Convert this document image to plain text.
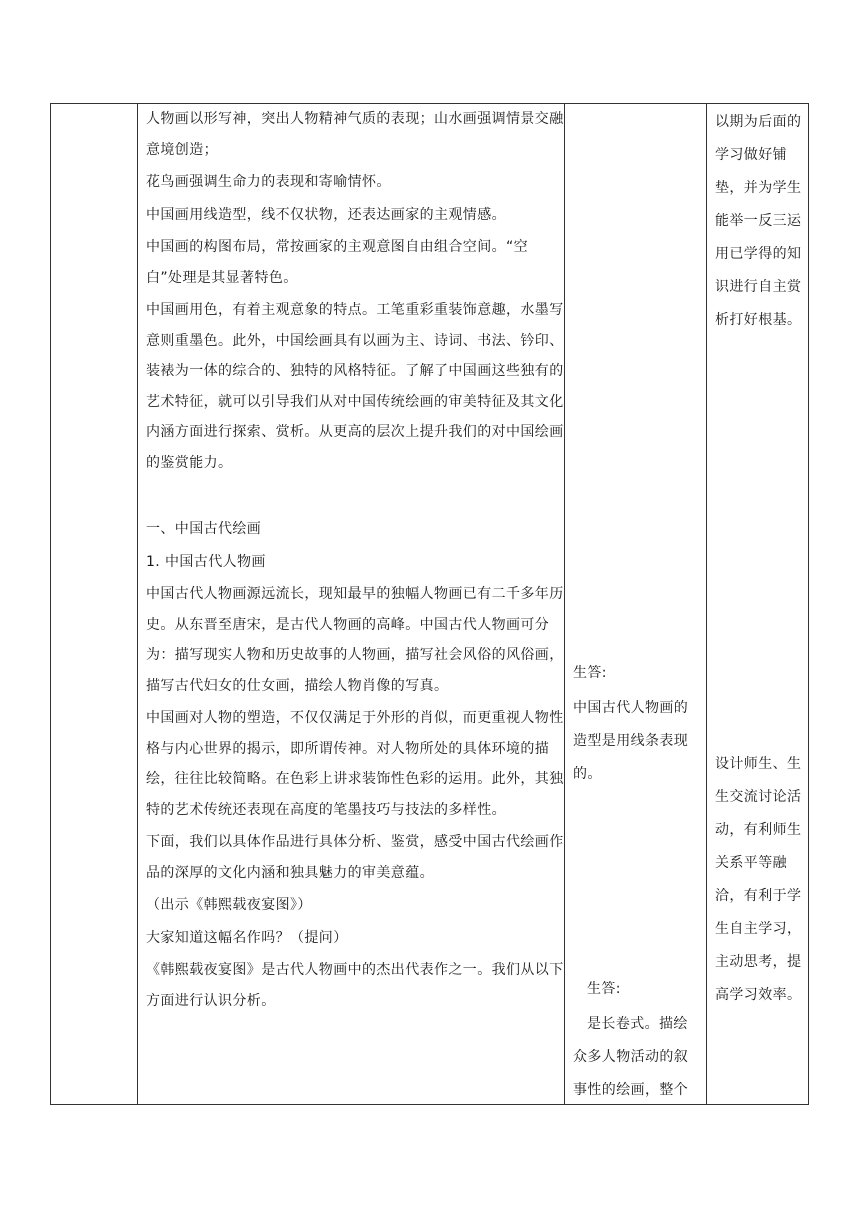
人物画以形写神，突出人物精神气质的表现；山水画强调情景交融意境创造；

花鸟画强调生命力的表现和寄喻情怀。

中国画用线造型，线不仅状物，还表达画家的主观情感。

中国画的构图布局，常按画家的主观意图自由组合空间。“空白”处理是其显著特色。

中国画用色，有着主观意象的特点。工笔重彩重装饰意趣，水墨写意则重墨色。此外，中国绘画具有以画为主、诗词、书法、钤印、装裱为一体的综合的、独特的风格特征。了解了中国画这些独有的艺术特征，就可以引导我们从对中国传统绘画的审美特征及其文化内涵方面进行探索、赏析。从更高的层次上提升我们的对中国绘画的鉴赏能力。

一、中国古代绘画

1. 中国古代人物画

中国古代人物画源远流长，现知最早的独幅人物画已有二千多年历史。从东晋至唐宋，是古代人物画的高峰。中国古代人物画可分为：描写现实人物和历史故事的人物画，描写社会风俗的风俗画，描写古代妇女的仕女画，描绘人物肖像的写真。

中国画对人物的塑造，不仅仅满足于外形的肖似，而更重视人物性格与内心世界的揭示，即所谓传神。对人物所处的具体环境的描绘，往往比较简略。在色彩上讲求装饰性色彩的运用。此外，其独特的艺术传统还表现在高度的笔墨技巧与技法的多样性。

下面，我们以具体作品进行具体分析、鉴赏，感受中国古代绘画作品的深厚的文化内涵和独具魅力的审美意蕴。

（出示《韩熙载夜宴图》）

大家知道这幅名作吗？（提问）

《韩熙载夜宴图》是古代人物画中的杰出代表作之一。我们从以下方面进行认识分析。

生答:

中国古代人物画的造型是用线条表现的。

生答:

是长卷式。描绘众多人物活动的叙事性的绘画，整个

以期为后面的学习做好铺垫，并为学生能举一反三运用已学得的知识进行自主赏析打好根基。

设计师生、生生交流讨论活动，有利师生关系平等融洽，有利于学生自主学习，主动思考，提高学习效率。
